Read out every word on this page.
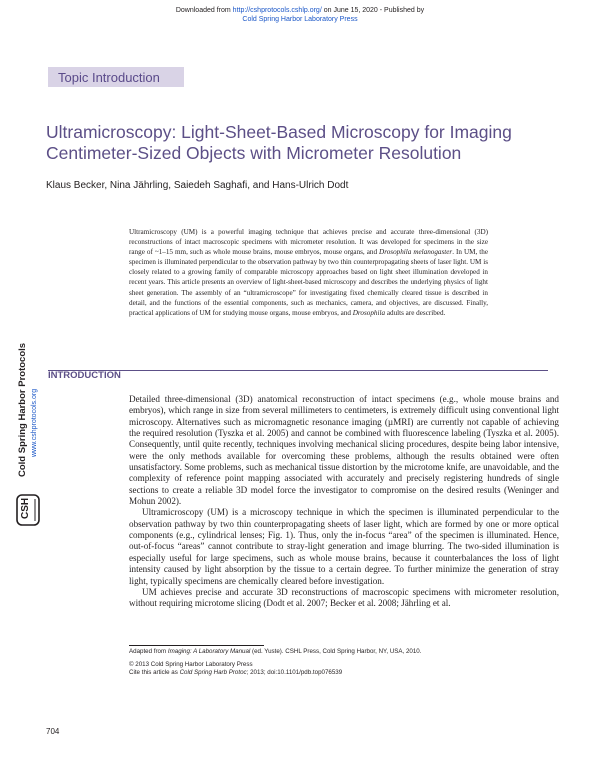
Downloaded from http://cshprotocols.cshlp.org/ on June 15, 2020 - Published by
Cold Spring Harbor Laboratory Press
Topic Introduction
Ultramicroscopy: Light-Sheet-Based Microscopy for Imaging Centimeter-Sized Objects with Micrometer Resolution
Klaus Becker, Nina Jährling, Saiedeh Saghafi, and Hans-Ulrich Dodt
Ultramicroscopy (UM) is a powerful imaging technique that achieves precise and accurate three-dimensional (3D) reconstructions of intact macroscopic specimens with micrometer resolution. It was developed for specimens in the size range of ~1–15 mm, such as whole mouse brains, mouse embryos, mouse organs, and Drosophila melanogaster. In UM, the specimen is illuminated perpendicular to the observation pathway by two thin counterpropagating sheets of laser light. UM is closely related to a growing family of comparable microscopy approaches based on light sheet illumination developed in recent years. This article presents an overview of light-sheet-based microscopy and describes the underlying physics of light sheet generation. The assembly of an “ultramicroscope” for investigating fixed chemically cleared tissue is described in detail, and the functions of the essential components, such as mechanics, camera, and objectives, are discussed. Finally, practical applications of UM for studying mouse organs, mouse embryos, and Drosophila adults are described.
CSH
Cold Spring Harbor Protocols www.cshprotocols.org
INTRODUCTION

Detailed three-dimensional (3D) anatomical reconstruction of intact specimens (e.g., whole mouse brains and embryos), which range in size from several millimeters to centimeters, is extremely difficult using conventional light microscopy. Alternatives such as micromagnetic resonance imaging (µMRI) are currently not capable of achieving the required resolution (Tyszka et al. 2005) and cannot be combined with fluorescence labeling (Tyszka et al. 2005). Consequently, until quite recently, techniques involving mechanical slicing procedures, despite being labor intensive, were the only methods available for overcoming these problems, although the results obtained were often unsatisfactory. Some problems, such as mechanical tissue distortion by the microtome knife, are unavoidable, and the complexity of reference point mapping associated with accurately and precisely registering hundreds of single sections to create a reliable 3D model force the investigator to compromise on the desired results (Weninger and Mohun 2002).

Ultramicroscopy (UM) is a microscopy technique in which the specimen is illuminated perpendicular to the observation pathway by two thin counterpropagating sheets of laser light, which are formed by one or more optical components (e.g., cylindrical lenses; Fig. 1). Thus, only the in-focus “area” of the specimen is illuminated. Hence, out-of-focus “areas” cannot contribute to stray-light generation and image blurring. The two-sided illumination is especially useful for large specimens, such as whole mouse brains, because it counterbalances the loss of light intensity caused by light absorption by the tissue to a certain degree. To further minimize the generation of stray light, typically specimens are chemically cleared before investigation.

UM achieves precise and accurate 3D reconstructions of macroscopic specimens with micrometer resolution, without requiring microtome slicing (Dodt et al. 2007; Becker et al. 2008; Jährling et al.

Adapted from Imaging: A Laboratory Manual (ed. Yuste). CSHL Press, Cold Spring Harbor, NY, USA, 2010.
© 2013 Cold Spring Harbor Laboratory Press
Cite this article as Cold Spring Harb Protoc; 2013; doi:10.1101/pdb.top076539
704
